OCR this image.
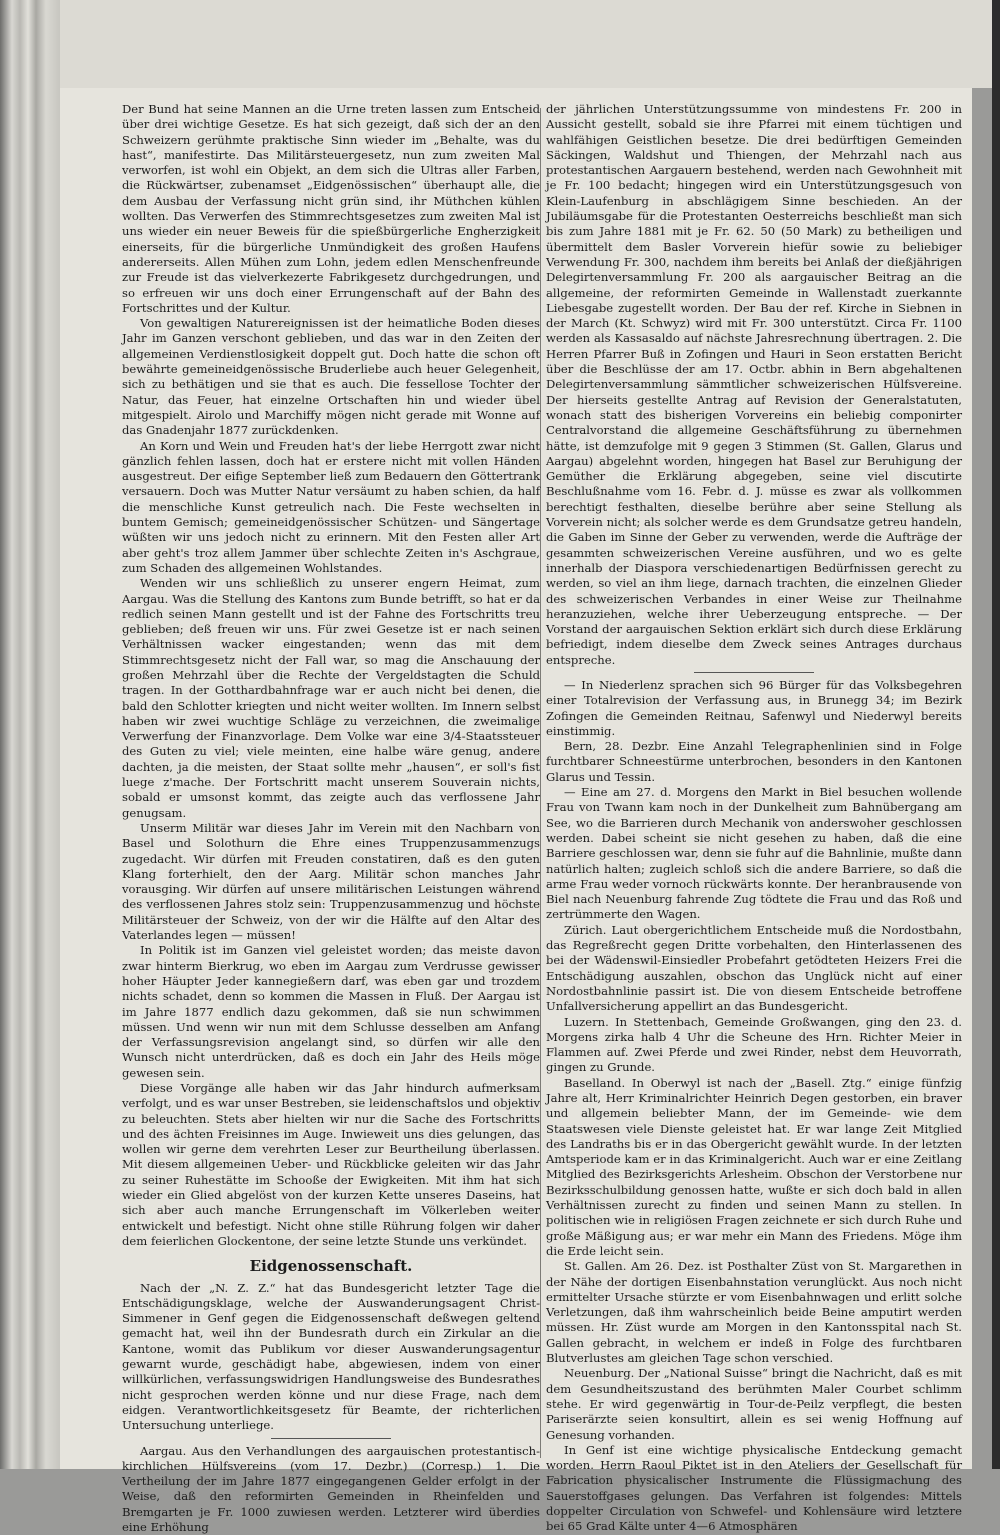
Der Bund hat seine Mannen an die Urne treten lassen zum Entscheid über drei wichtige Gesetze. Es hat sich gezeigt, daß sich der an den Schweizern gerühmte praktische Sinn wieder im „Behalte, was du hast“, manifestirte. Das Militärsteuergesetz, nun zum zweiten Mal verworfen, ist wohl ein Objekt, an dem sich die Ultras aller Farben, die Rückwärtser, zubenamset „Eidgenössischen“ überhaupt alle, die dem Ausbau der Verfassung nicht grün sind, ihr Müthchen kühlen wollten. Das Verwerfen des Stimmrechtsgesetzes zum zweiten Mal ist uns wieder ein neuer Beweis für die spießbürgerliche Engherzigkeit einerseits, für die bürgerliche Unmündigkeit des großen Haufens andererseits. Allen Mühen zum Lohn, jedem edlen Menschenfreunde zur Freude ist das vielverkezerte Fabrikgesetz durchgedrungen, und so erfreuen wir uns doch einer Errungenschaft auf der Bahn des Fortschrittes und der Kultur.

Von gewaltigen Naturereignissen ist der heimatliche Boden dieses Jahr im Ganzen verschont geblieben, und das war in den Zeiten der allgemeinen Verdienstlosigkeit doppelt gut. Doch hatte die schon oft bewährte gemeineidgenössische Bruderliebe auch heuer Gelegenheit, sich zu bethätigen und sie that es auch. Die fessellose Tochter der Natur, das Feuer, hat einzelne Ortschaften hin und wieder übel mitgespielt. Airolo und Marchiffy mögen nicht gerade mit Wonne auf das Gnadenjahr 1877 zurückdenken.

An Korn und Wein und Freuden hat's der liebe Herrgott zwar nicht gänzlich fehlen lassen, doch hat er erstere nicht mit vollen Händen ausgestreut. Der eifige September ließ zum Bedauern den Göttertrank versauern. Doch was Mutter Natur versäumt zu haben schien, da half die menschliche Kunst getreulich nach. Die Feste wechselten in buntem Gemisch; gemeineidgenössischer Schützen- und Sängertage wüßten wir uns jedoch nicht zu erinnern. Mit den Festen aller Art aber geht's troz allem Jammer über schlechte Zeiten in's Aschgraue, zum Schaden des allgemeinen Wohlstandes.

Wenden wir uns schließlich zu unserer engern Heimat, zum Aargau. Was die Stellung des Kantons zum Bunde betrifft, so hat er da redlich seinen Mann gestellt und ist der Fahne des Fortschritts treu geblieben; deß freuen wir uns. Für zwei Gesetze ist er nach seinen Verhältnissen wacker eingestanden; wenn das mit dem Stimmrechtsgesetz nicht der Fall war, so mag die Anschauung der großen Mehrzahl über die Rechte der Vergeldstagten die Schuld tragen. In der Gotthardbahnfrage war er auch nicht bei denen, die bald den Schlotter kriegten und nicht weiter wollten. Im Innern selbst haben wir zwei wuchtige Schläge zu verzeichnen, die zweimalige Verwerfung der Finanzvorlage. Dem Volke war eine 3/4-Staatssteuer des Guten zu viel; viele meinten, eine halbe wäre genug, andere dachten, ja die meisten, der Staat sollte mehr „hausen“, er soll's fist luege z'mache. Der Fortschritt macht unserem Souverain nichts, sobald er umsonst kommt, das zeigte auch das verflossene Jahr genugsam.

Unserm Militär war dieses Jahr im Verein mit den Nachbarn von Basel und Solothurn die Ehre eines Truppenzusammenzugs zugedacht. Wir dürfen mit Freuden constatiren, daß es den guten Klang forterhielt, den der Aarg. Militär schon manches Jahr vorausging. Wir dürfen auf unsere militärischen Leistungen während des verflossenen Jahres stolz sein: Truppenzusammenzug und höchste Militärsteuer der Schweiz, von der wir die Hälfte auf den Altar des Vaterlandes legen — müssen!

In Politik ist im Ganzen viel geleistet worden; das meiste davon zwar hinterm Bierkrug, wo eben im Aargau zum Verdrusse gewisser hoher Häupter Jeder kannegießern darf, was eben gar und trozdem nichts schadet, denn so kommen die Massen in Fluß. Der Aargau ist im Jahre 1877 endlich dazu gekommen, daß sie nun schwimmen müssen. Und wenn wir nun mit dem Schlusse desselben am Anfang der Verfassungsrevision angelangt sind, so dürfen wir alle den Wunsch nicht unterdrücken, daß es doch ein Jahr des Heils möge gewesen sein.

Diese Vorgänge alle haben wir das Jahr hindurch aufmerksam verfolgt, und es war unser Bestreben, sie leidenschaftslos und objektiv zu beleuchten. Stets aber hielten wir nur die Sache des Fortschritts und des ächten Freisinnes im Auge. Inwieweit uns dies gelungen, das wollen wir gerne dem verehrten Leser zur Beurtheilung überlassen. Mit diesem allgemeinen Ueber- und Rückblicke geleiten wir das Jahr zu seiner Ruhestätte im Schooße der Ewigkeiten. Mit ihm hat sich wieder ein Glied abgelöst von der kurzen Kette unseres Daseins, hat sich aber auch manche Errungenschaft im Völkerleben weiter entwickelt und befestigt. Nicht ohne stille Rührung folgen wir daher dem feierlichen Glockentone, der seine letzte Stunde uns verkündet.

Eidgenossenschaft.

Nach der „N. Z. Z.“ hat das Bundesgericht letzter Tage die Entschädigungsklage, welche der Auswanderungsagent Christ-Simmener in Genf gegen die Eidgenossenschaft deßwegen geltend gemacht hat, weil ihn der Bundesrath durch ein Zirkular an die Kantone, womit das Publikum vor dieser Auswanderungsagentur gewarnt wurde, geschädigt habe, abgewiesen, indem von einer willkürlichen, verfassungswidrigen Handlungsweise des Bundesrathes nicht gesprochen werden könne und nur diese Frage, nach dem eidgen. Verantwortlichkeitsgesetz für Beamte, der richterlichen Untersuchung unterliege.

Aargau. Aus den Verhandlungen des aargauischen protestantisch-kirchlichen Hülfsvereins (vom 17. Dezbr.) (Corresp.) 1. Die Vertheilung der im Jahre 1877 eingegangenen Gelder erfolgt in der Weise, daß den reformirten Gemeinden in Rheinfelden und Bremgarten je Fr. 1000 zuwiesen werden. Letzterer wird überdies eine Erhöhung

der jährlichen Unterstützungssumme von mindestens Fr. 200 in Aussicht gestellt, sobald sie ihre Pfarrei mit einem tüchtigen und wahlfähigen Geistlichen besetze. Die drei bedürftigen Gemeinden Säckingen, Waldshut und Thiengen, der Mehrzahl nach aus protestantischen Aargauern bestehend, werden nach Gewohnheit mit je Fr. 100 bedacht; hingegen wird ein Unterstützungsgesuch von Klein-Laufenburg in abschlägigem Sinne beschieden. An der Jubiläumsgabe für die Protestanten Oesterreichs beschließt man sich bis zum Jahre 1881 mit je Fr. 62. 50 (50 Mark) zu betheiligen und übermittelt dem Basler Vorverein hiefür sowie zu beliebiger Verwendung Fr. 300, nachdem ihm bereits bei Anlaß der dießjährigen Delegirtenversammlung Fr. 200 als aargauischer Beitrag an die allgemeine, der reformirten Gemeinde in Wallenstadt zuerkannte Liebesgabe zugestellt worden. Der Bau der ref. Kirche in Siebnen in der March (Kt. Schwyz) wird mit Fr. 300 unterstützt. Circa Fr. 1100 werden als Kassasaldo auf nächste Jahresrechnung übertragen. 2. Die Herren Pfarrer Buß in Zofingen und Hauri in Seon erstatten Bericht über die Beschlüsse der am 17. Octbr. abhin in Bern abgehaltenen Delegirtenversammlung sämmtlicher schweizerischen Hülfsvereine. Der hierseits gestellte Antrag auf Revision der Generalstatuten, wonach statt des bisherigen Vorvereins ein beliebig componirter Centralvorstand die allgemeine Geschäftsführung zu übernehmen hätte, ist demzufolge mit 9 gegen 3 Stimmen (St. Gallen, Glarus und Aargau) abgelehnt worden, hingegen hat Basel zur Beruhigung der Gemüther die Erklärung abgegeben, seine viel discutirte Beschlußnahme vom 16. Febr. d. J. müsse es zwar als vollkommen berechtigt festhalten, dieselbe berühre aber seine Stellung als Vorverein nicht; als solcher werde es dem Grundsatze getreu handeln, die Gaben im Sinne der Geber zu verwenden, werde die Aufträge der gesammten schweizerischen Vereine ausführen, und wo es gelte innerhalb der Diaspora verschiedenartigen Bedürfnissen gerecht zu werden, so viel an ihm liege, darnach trachten, die einzelnen Glieder des schweizerischen Verbandes in einer Weise zur Theilnahme heranzuziehen, welche ihrer Ueberzeugung entspreche. — Der Vorstand der aargauischen Sektion erklärt sich durch diese Erklärung befriedigt, indem dieselbe dem Zweck seines Antrages durchaus entspreche.

— In Niederlenz sprachen sich 96 Bürger für das Volksbegehren einer Totalrevision der Verfassung aus, in Brunegg 34; im Bezirk Zofingen die Gemeinden Reitnau, Safenwyl und Niederwyl bereits einstimmig.

Bern, 28. Dezbr. Eine Anzahl Telegraphenlinien sind in Folge furchtbarer Schneestürme unterbrochen, besonders in den Kantonen Glarus und Tessin.

— Eine am 27. d. Morgens den Markt in Biel besuchen wollende Frau von Twann kam noch in der Dunkelheit zum Bahnübergang am See, wo die Barrieren durch Mechanik von anderswoher geschlossen werden. Dabei scheint sie nicht gesehen zu haben, daß die eine Barriere geschlossen war, denn sie fuhr auf die Bahnlinie, mußte dann natürlich halten; zugleich schloß sich die andere Barriere, so daß die arme Frau weder vornoch rückwärts konnte. Der heranbrausende von Biel nach Neuenburg fahrende Zug tödtete die Frau und das Roß und zertrümmerte den Wagen.

Zürich. Laut obergerichtlichem Entscheide muß die Nordostbahn, das Regreßrecht gegen Dritte vorbehalten, den Hinterlassenen des bei der Wädenswil-Einsiedler Probefahrt getödteten Heizers Frei die Entschädigung auszahlen, obschon das Unglück nicht auf einer Nordostbahnlinie passirt ist. Die von diesem Entscheide betroffene Unfallversicherung appellirt an das Bundesgericht.

Luzern. In Stettenbach, Gemeinde Großwangen, ging den 23. d. Morgens zirka halb 4 Uhr die Scheune des Hrn. Richter Meier in Flammen auf. Zwei Pferde und zwei Rinder, nebst dem Heuvorrath, gingen zu Grunde.

Baselland. In Oberwyl ist nach der „Basell. Ztg.“ einige fünfzig Jahre alt, Herr Kriminalrichter Heinrich Degen gestorben, ein braver und allgemein beliebter Mann, der im Gemeinde- wie dem Staatswesen viele Dienste geleistet hat. Er war lange Zeit Mitglied des Landraths bis er in das Obergericht gewählt wurde. In der letzten Amtsperiode kam er in das Kriminalgericht. Auch war er eine Zeitlang Mitglied des Bezirksgerichts Arlesheim. Obschon der Verstorbene nur Bezirksschulbildung genossen hatte, wußte er sich doch bald in allen Verhältnissen zurecht zu finden und seinen Mann zu stellen. In politischen wie in religiösen Fragen zeichnete er sich durch Ruhe und große Mäßigung aus; er war mehr ein Mann des Friedens. Möge ihm die Erde leicht sein.

St. Gallen. Am 26. Dez. ist Posthalter Züst von St. Margarethen in der Nähe der dortigen Eisenbahnstation verunglückt. Aus noch nicht ermittelter Ursache stürzte er vom Eisenbahnwagen und erlitt solche Verletzungen, daß ihm wahrscheinlich beide Beine amputirt werden müssen. Hr. Züst wurde am Morgen in den Kantonsspital nach St. Gallen gebracht, in welchem er indeß in Folge des furchtbaren Blutverlustes am gleichen Tage schon verschied.

Neuenburg. Der „National Suisse“ bringt die Nachricht, daß es mit dem Gesundheitszustand des berühmten Maler Courbet schlimm stehe. Er wird gegenwärtig in Tour-de-Peilz verpflegt, die besten Pariserärzte seien konsultirt, allein es sei wenig Hoffnung auf Genesung vorhanden.

In Genf ist eine wichtige physicalische Entdeckung gemacht worden. Herrn Raoul Piktet ist in den Ateliers der Gesellschaft für Fabrication physicalischer Instrumente die Flüssigmachung des Sauerstoffgases gelungen. Das Verfahren ist folgendes: Mittels doppelter Circulation von Schwefel- und Kohlensäure wird letztere bei 65 Grad Kälte unter 4—6 Atmosphären
